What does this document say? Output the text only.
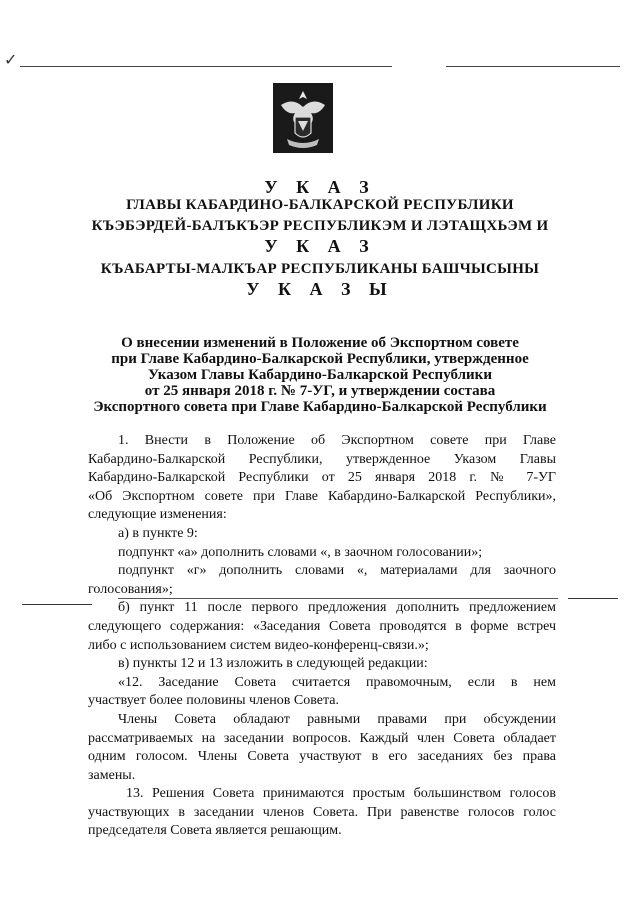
✓
У К А З
ГЛАВЫ КАБАРДИНО-БАЛКАРСКОЙ РЕСПУБЛИКИ
КЪЭБЭРДЕЙ-БАЛЪКЪЭР РЕСПУБЛИКЭМ И ЛЭТАЩХЬЭМ И
У К А З
КЪАБАРТЫ-МАЛКЪАР РЕСПУБЛИКАНЫ БАШЧЫСЫНЫ
У К А З Ы
О внесении изменений в Положение об Экспортном совете
при Главе Кабардино-Балкарской Республики, утвержденное
Указом Главы Кабардино-Балкарской Республики
от 25 января 2018 г. № 7-УГ, и утверждении состава
Экспортного совета при Главе Кабардино-Балкарской Республики

1. Внести в Положение об Экспортном совете при Главе

Кабардино-Балкарской Республики, утвержденное Указом Главы

Кабардино-Балкарской Республики от 25 января 2018 г. № 7-УГ

«Об Экспортном совете при Главе Кабардино-Балкарской Республики»,

следующие изменения:

а) в пункте 9:

подпункт «а» дополнить словами «, в заочном голосовании»;

подпункт «г» дополнить словами «, материалами для заочного

голосования»;

б) пункт 11 после первого предложения дополнить предложением

следующего содержания: «Заседания Совета проводятся в форме встреч

либо с использованием систем видео-конференц-связи.»;

в) пункты 12 и 13 изложить в следующей редакции:

«12. Заседание Совета считается правомочным, если в нем

участвует более половины членов Совета.

Члены Совета обладают равными правами при обсуждении

рассматриваемых на заседании вопросов. Каждый член Совета обладает

одним голосом. Члены Совета участвуют в его заседаниях без права

замены.

13. Решения Совета принимаются простым большинством голосов

участвующих в заседании членов Совета. При равенстве голосов голос

председателя Совета является решающим.
